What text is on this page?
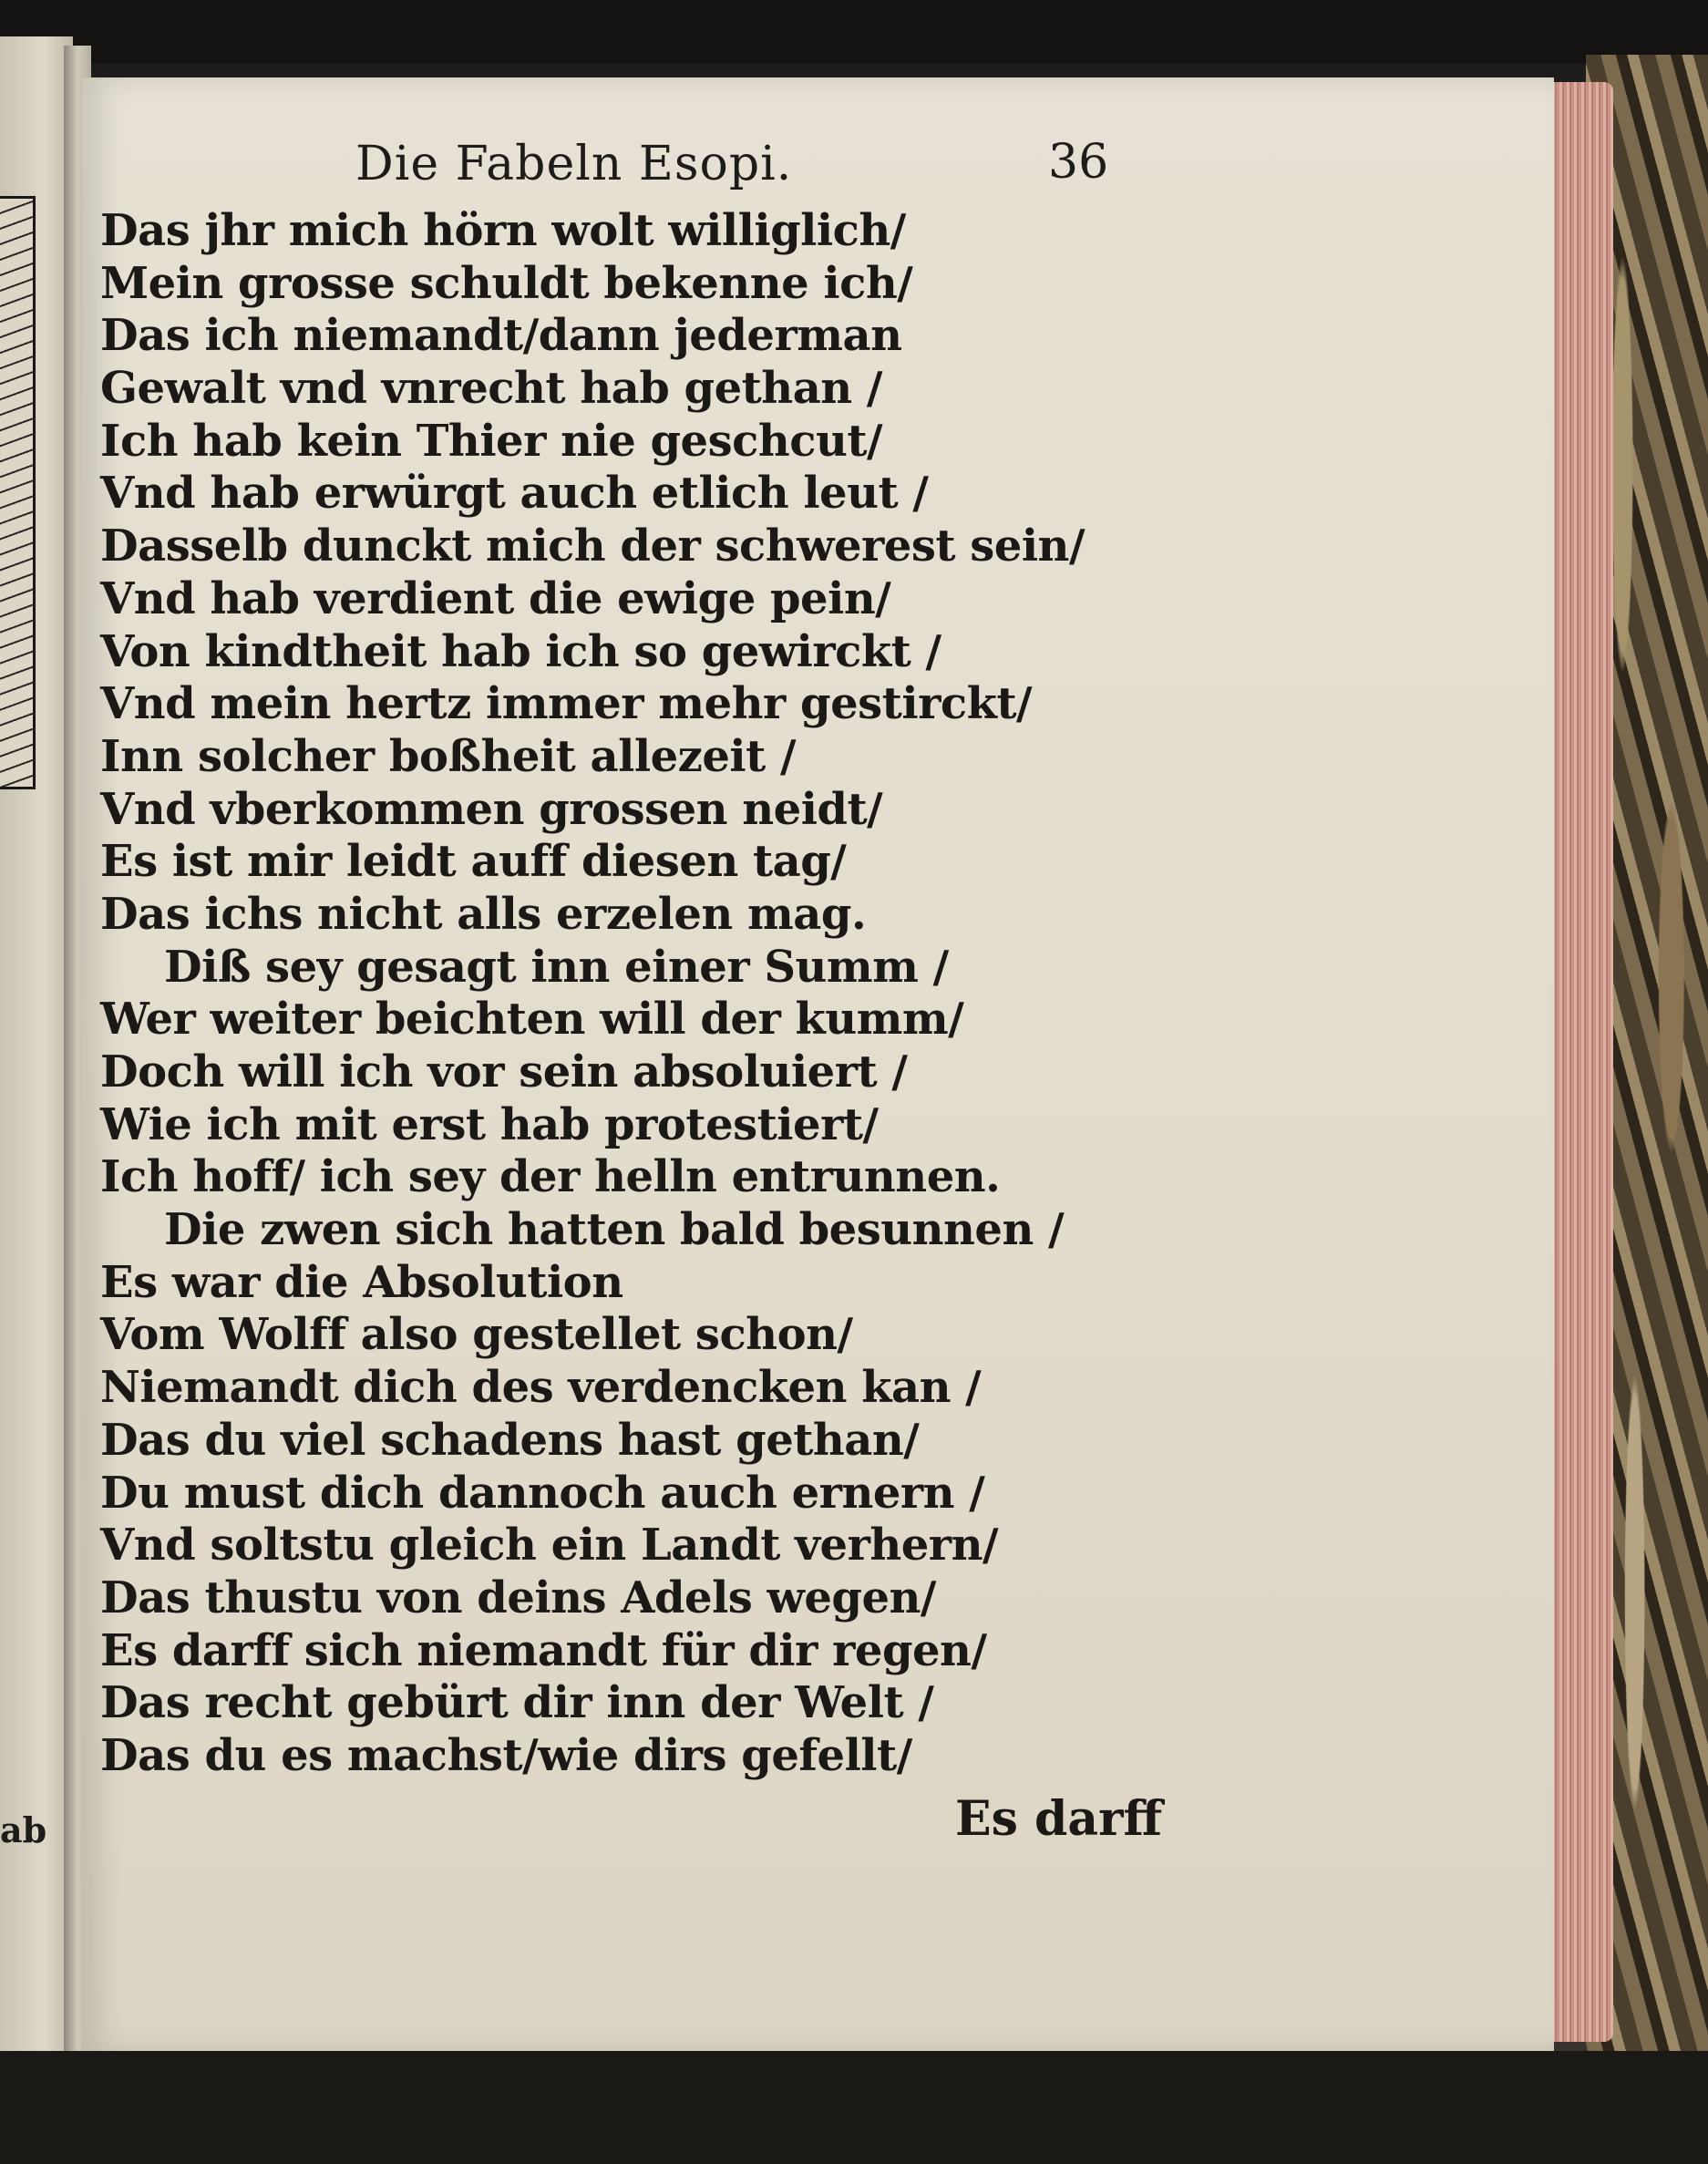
ab
Die Fabeln Esopi.	36
Das jhr mich hörn wolt williglich/
Mein grosse schuldt bekenne ich/
Das ich niemandt/dann jederman
Gewalt vnd vnrecht hab gethan /
Ich hab kein Thier nie geschcut/
Vnd hab erwürgt auch etlich leut /
Dasselb dunckt mich der schwerest sein/
Vnd hab verdient die ewige pein/
Von kindtheit hab ich so gewirckt /
Vnd mein hertz immer mehr gestirckt/
Inn solcher boßheit allezeit /
Vnd vberkommen grossen neidt/
Es ist mir leidt auff diesen tag/
Das ichs nicht alls erzelen mag.
Diß sey gesagt inn einer Summ /
Wer weiter beichten will der kumm/
Doch will ich vor sein absoluiert /
Wie ich mit erst hab protestiert/
Ich hoff/ ich sey der helln entrunnen.
Die zwen sich hatten bald besunnen /
Es war die Absolution
Vom Wolff also gestellet schon/
Niemandt dich des verdencken kan /
Das du viel schadens hast gethan/
Du must dich dannoch auch ernern /
Vnd soltstu gleich ein Landt verhern/
Das thustu von deins Adels wegen/
Es darff sich niemandt für dir regen/
Das recht gebürt dir inn der Welt /
Das du es machst/wie dirs gefellt/
Es darff
